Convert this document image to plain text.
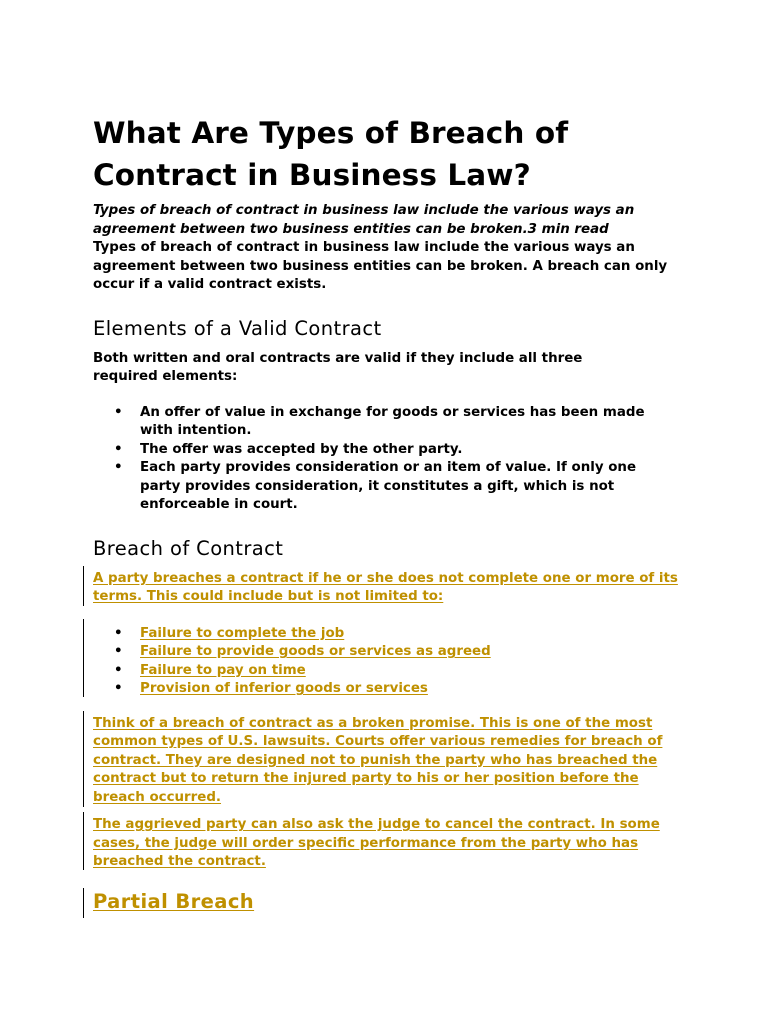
What Are Types of Breach of Contract in Business Law?

Types of breach of contract in business law include the various ways an agreement between two business entities can be broken.3 min read

Types of breach of contract in business law include the various ways an agreement between two business entities can be broken. A breach can only occur if a valid contract exists.

Elements of a Valid Contract

Both written and oral contracts are valid if they include all three required elements:

• An offer of value in exchange for goods or services has been made with intention.
• The offer was accepted by the other party.
• Each party provides consideration or an item of value. If only one party provides consideration, it constitutes a gift, which is not enforceable in court.
Breach of Contract

A party breaches a contract if he or she does not complete one or more of its terms. This could include but is not limited to:

• Failure to complete the job
• Failure to provide goods or services as agreed
• Failure to pay on time
• Provision of inferior goods or services

Think of a breach of contract as a broken promise. This is one of the most common types of U.S. lawsuits. Courts offer various remedies for breach of contract. They are designed not to punish the party who has breached the contract but to return the injured party to his or her position before the breach occurred.

The aggrieved party can also ask the judge to cancel the contract. In some cases, the judge will order specific performance from the party who has breached the contract.

Partial Breach
